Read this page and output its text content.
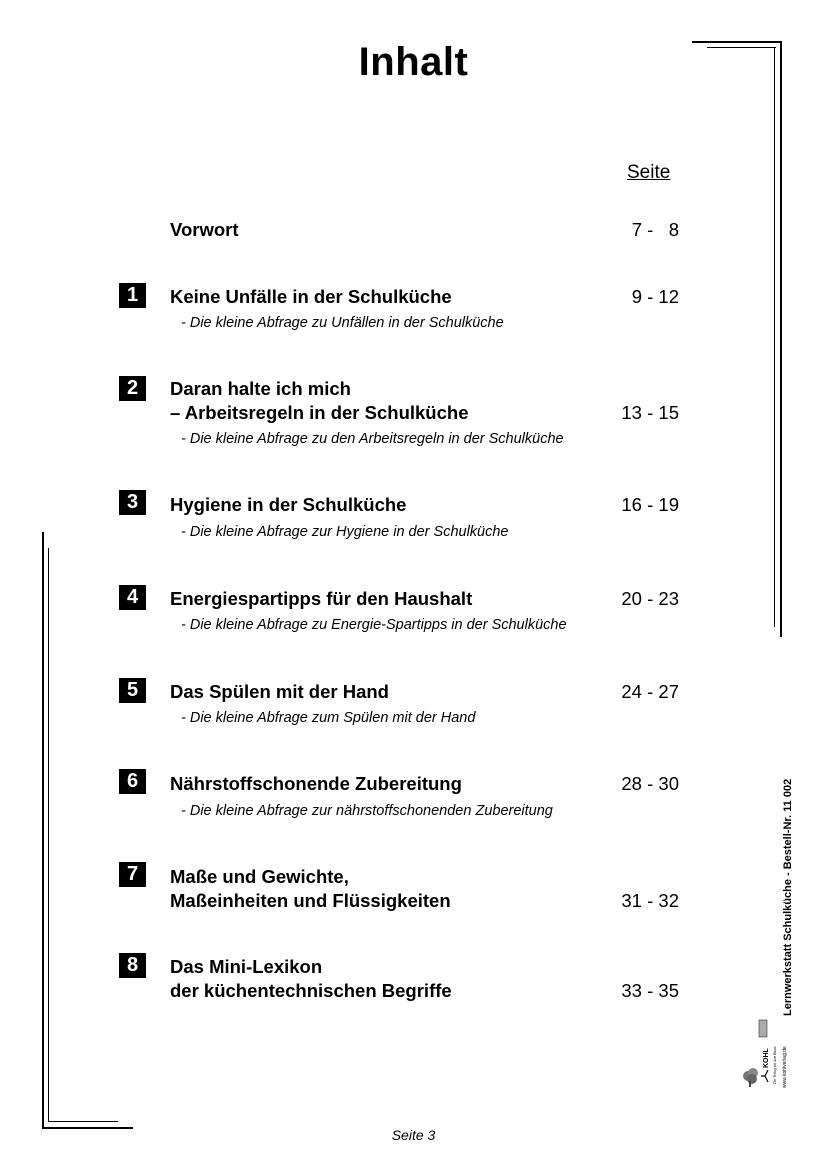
Inhalt
Seite
Vorwort	7 -   8
1	Keine Unfälle in der Schulküche	9 - 12
- Die kleine Abfrage zu Unfällen in der Schulküche
2	Daran halte ich mich
– Arbeitsregeln in der Schulküche	13 - 15
- Die kleine Abfrage zu den Arbeitsregeln in der Schulküche
3	Hygiene in der Schulküche	16 - 19
- Die kleine Abfrage zur Hygiene in der Schulküche
4	Energiespartipps für den Haushalt	20 - 23
- Die kleine Abfrage zu Energie-Spartipps in der Schulküche
5	Das Spülen mit der Hand	24 - 27
- Die kleine Abfrage zum Spülen mit der Hand
6	Nährstoffschonende Zubereitung	28 - 30
- Die kleine Abfrage zur nährstoffschonenden Zubereitung
7	Maße und Gewichte,
Maßeinheiten und Flüssigkeiten	31 - 32
8	Das Mini-Lexikon
der küchentechnischen Begriffe	33 - 35	Lernwerkstatt Schulküche - Bestell-Nr. 11 002
KOHL Der Verlag mit dem Baum www.kohlverlag.de
Seite 3
